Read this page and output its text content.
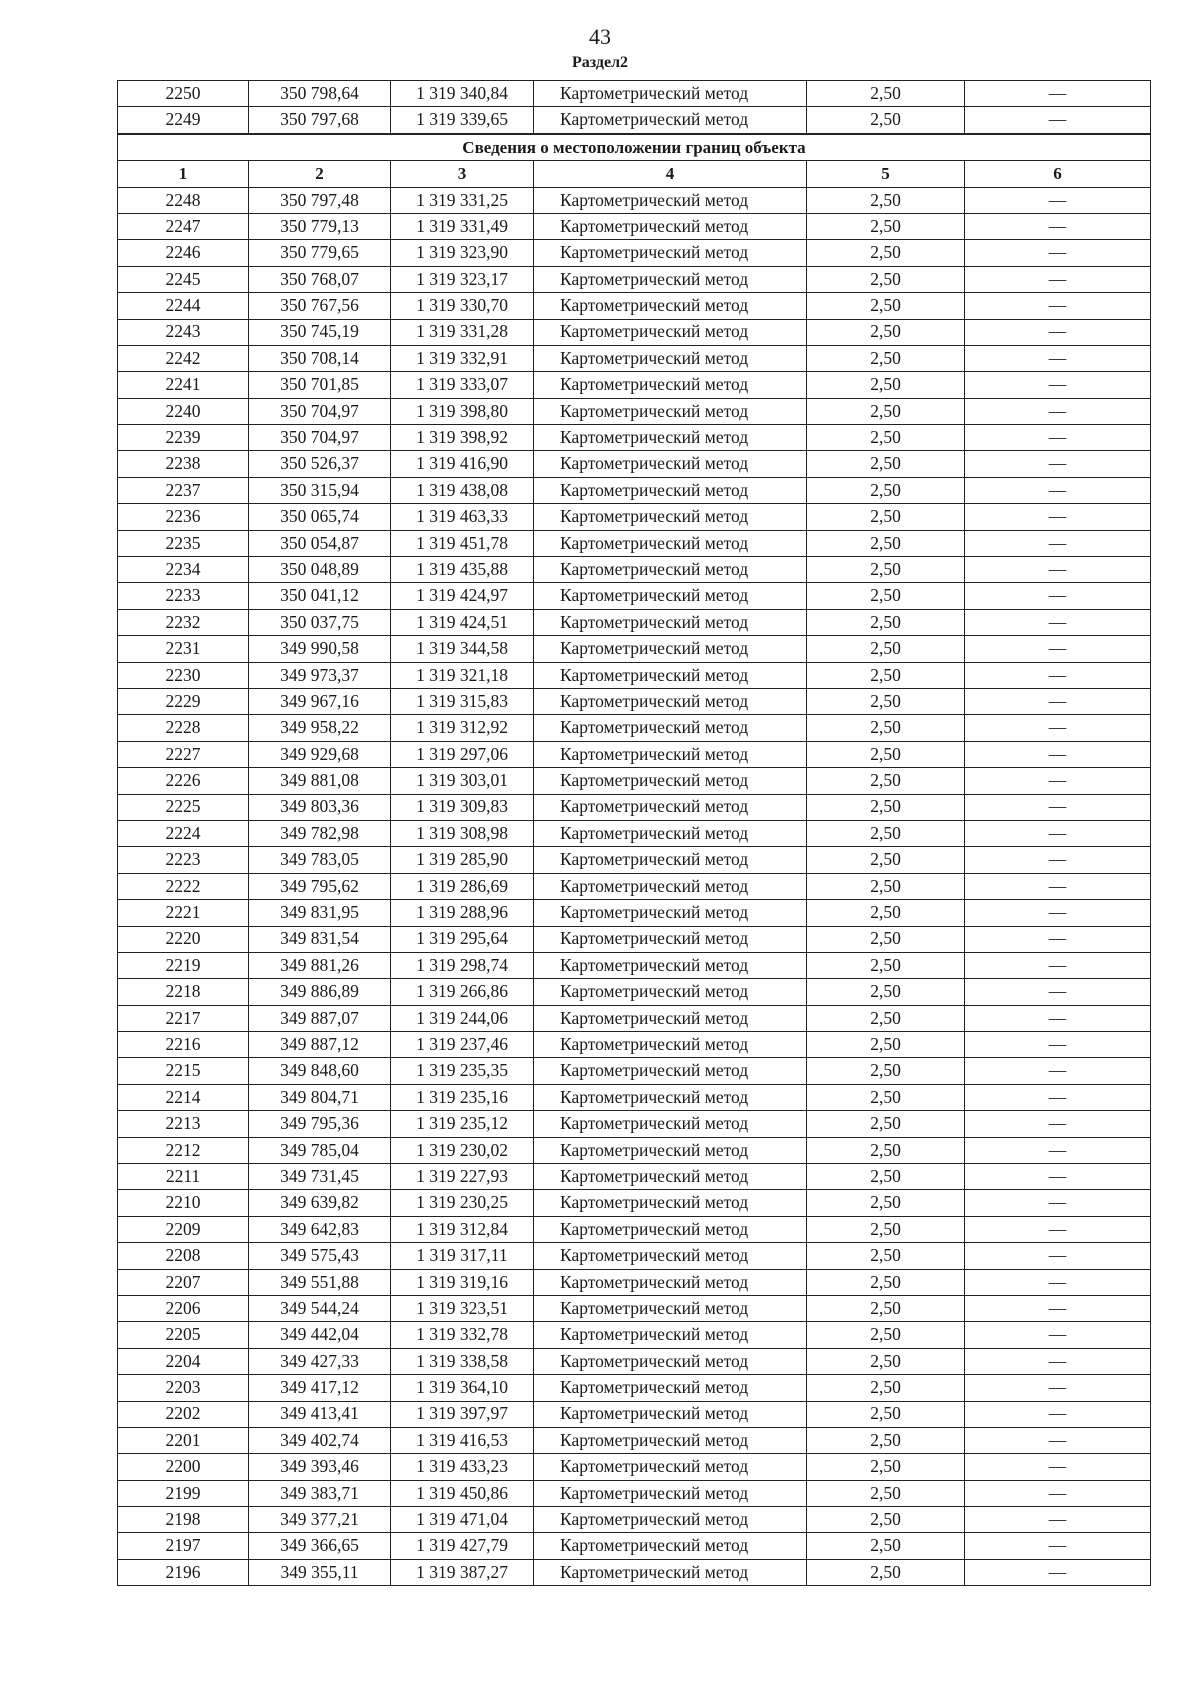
43
Раздел2
2250	350 798,64	1 319 340,84	Картометрический метод	2,50	—
2249	350 797,68	1 319 339,65	Картометрический метод	2,50	—
Сведения о местоположении границ объекта					
1	2	3	4	5	6
2248	350 797,48	1 319 331,25	Картометрический метод	2,50	—
2247	350 779,13	1 319 331,49	Картометрический метод	2,50	—
2246	350 779,65	1 319 323,90	Картометрический метод	2,50	—
2245	350 768,07	1 319 323,17	Картометрический метод	2,50	—
2244	350 767,56	1 319 330,70	Картометрический метод	2,50	—
2243	350 745,19	1 319 331,28	Картометрический метод	2,50	—
2242	350 708,14	1 319 332,91	Картометрический метод	2,50	—
2241	350 701,85	1 319 333,07	Картометрический метод	2,50	—
2240	350 704,97	1 319 398,80	Картометрический метод	2,50	—
2239	350 704,97	1 319 398,92	Картометрический метод	2,50	—
2238	350 526,37	1 319 416,90	Картометрический метод	2,50	—
2237	350 315,94	1 319 438,08	Картометрический метод	2,50	—
2236	350 065,74	1 319 463,33	Картометрический метод	2,50	—
2235	350 054,87	1 319 451,78	Картометрический метод	2,50	—
2234	350 048,89	1 319 435,88	Картометрический метод	2,50	—
2233	350 041,12	1 319 424,97	Картометрический метод	2,50	—
2232	350 037,75	1 319 424,51	Картометрический метод	2,50	—
2231	349 990,58	1 319 344,58	Картометрический метод	2,50	—
2230	349 973,37	1 319 321,18	Картометрический метод	2,50	—
2229	349 967,16	1 319 315,83	Картометрический метод	2,50	—
2228	349 958,22	1 319 312,92	Картометрический метод	2,50	—
2227	349 929,68	1 319 297,06	Картометрический метод	2,50	—
2226	349 881,08	1 319 303,01	Картометрический метод	2,50	—
2225	349 803,36	1 319 309,83	Картометрический метод	2,50	—
2224	349 782,98	1 319 308,98	Картометрический метод	2,50	—
2223	349 783,05	1 319 285,90	Картометрический метод	2,50	—
2222	349 795,62	1 319 286,69	Картометрический метод	2,50	—
2221	349 831,95	1 319 288,96	Картометрический метод	2,50	—
2220	349 831,54	1 319 295,64	Картометрический метод	2,50	—
2219	349 881,26	1 319 298,74	Картометрический метод	2,50	—
2218	349 886,89	1 319 266,86	Картометрический метод	2,50	—
2217	349 887,07	1 319 244,06	Картометрический метод	2,50	—
2216	349 887,12	1 319 237,46	Картометрический метод	2,50	—
2215	349 848,60	1 319 235,35	Картометрический метод	2,50	—
2214	349 804,71	1 319 235,16	Картометрический метод	2,50	—
2213	349 795,36	1 319 235,12	Картометрический метод	2,50	—
2212	349 785,04	1 319 230,02	Картометрический метод	2,50	—
2211	349 731,45	1 319 227,93	Картометрический метод	2,50	—
2210	349 639,82	1 319 230,25	Картометрический метод	2,50	—
2209	349 642,83	1 319 312,84	Картометрический метод	2,50	—
2208	349 575,43	1 319 317,11	Картометрический метод	2,50	—
2207	349 551,88	1 319 319,16	Картометрический метод	2,50	—
2206	349 544,24	1 319 323,51	Картометрический метод	2,50	—
2205	349 442,04	1 319 332,78	Картометрический метод	2,50	—
2204	349 427,33	1 319 338,58	Картометрический метод	2,50	—
2203	349 417,12	1 319 364,10	Картометрический метод	2,50	—
2202	349 413,41	1 319 397,97	Картометрический метод	2,50	—
2201	349 402,74	1 319 416,53	Картометрический метод	2,50	—
2200	349 393,46	1 319 433,23	Картометрический метод	2,50	—
2199	349 383,71	1 319 450,86	Картометрический метод	2,50	—
2198	349 377,21	1 319 471,04	Картометрический метод	2,50	—
2197	349 366,65	1 319 427,79	Картометрический метод	2,50	—
2196	349 355,11	1 319 387,27	Картометрический метод	2,50	—
